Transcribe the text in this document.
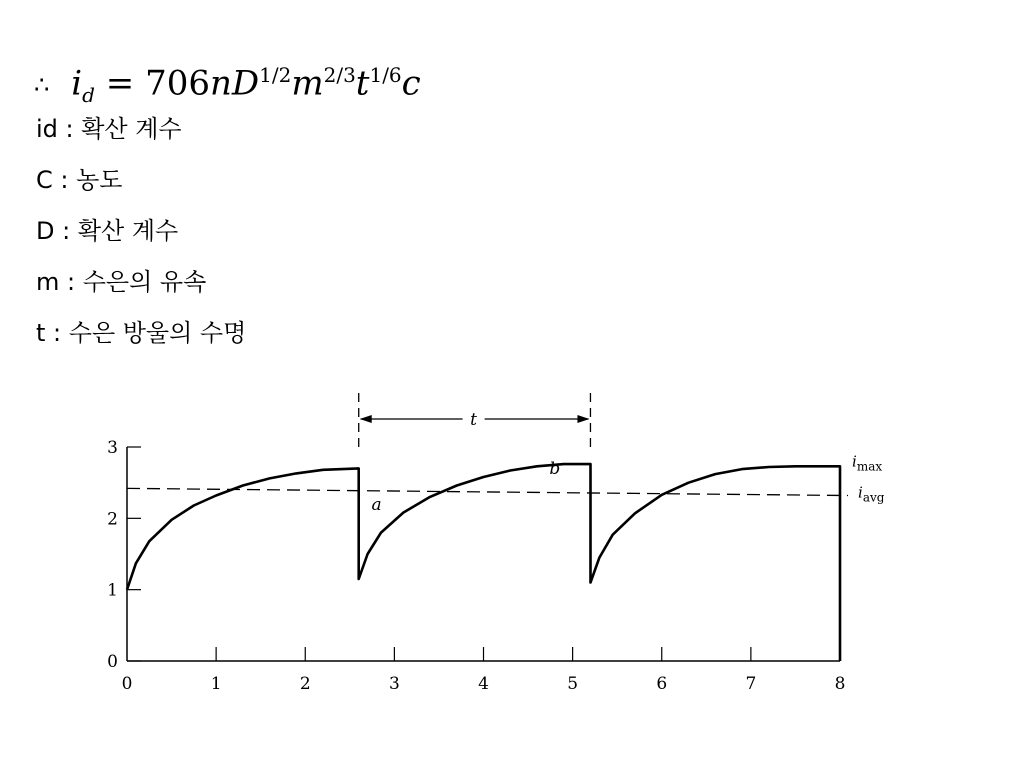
∴ $i_d = 706nD^{1/2}m^{2/3}t^{1/6}c$
id : 확산 계수
C : 농도
D : 확산 계수
m : 수은의 유속
t : 수은 방울의 수명
0
1
2
3
0	1	2	3	4	5	6	7	8
t
a
b	$i_{max}$
$i_{avg}$
